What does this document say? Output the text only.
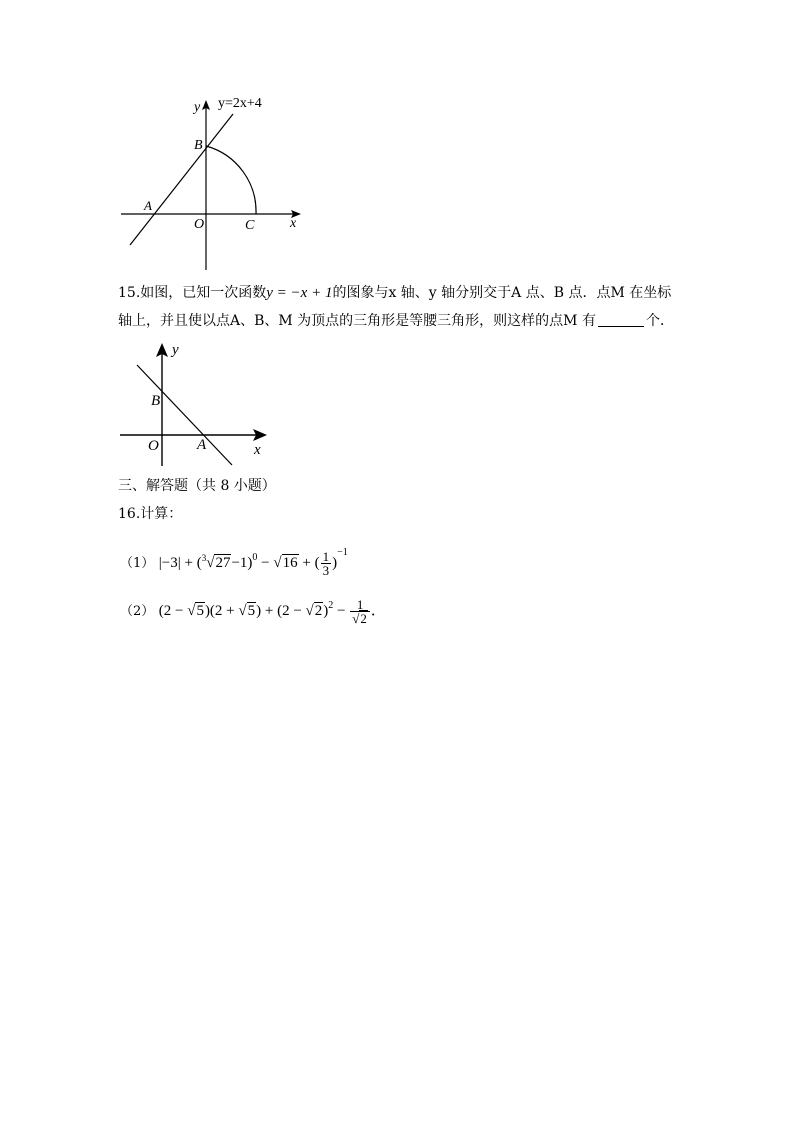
y y=2x+4
B
A
O	C	x
15.如图，已知一次函数y = −x + 1的图象与x 轴、y 轴分别交于A 点、B 点．点M 在坐标
轴上，并且使以点A、B、M 为顶点的三角形是等腰三角形，则这样的点M 有	个．
y
B
O	A	x
三、解答题（共 8 小题）
16.计算：
（1） $|-3| + (^3√27-1)^0 - √16$ + ( $\frac{1}{3} )^{-1}$
（2） $(2 - √5)(2 + √5) + (2 - √2)^2 - \frac{1}{√2}$ ．
